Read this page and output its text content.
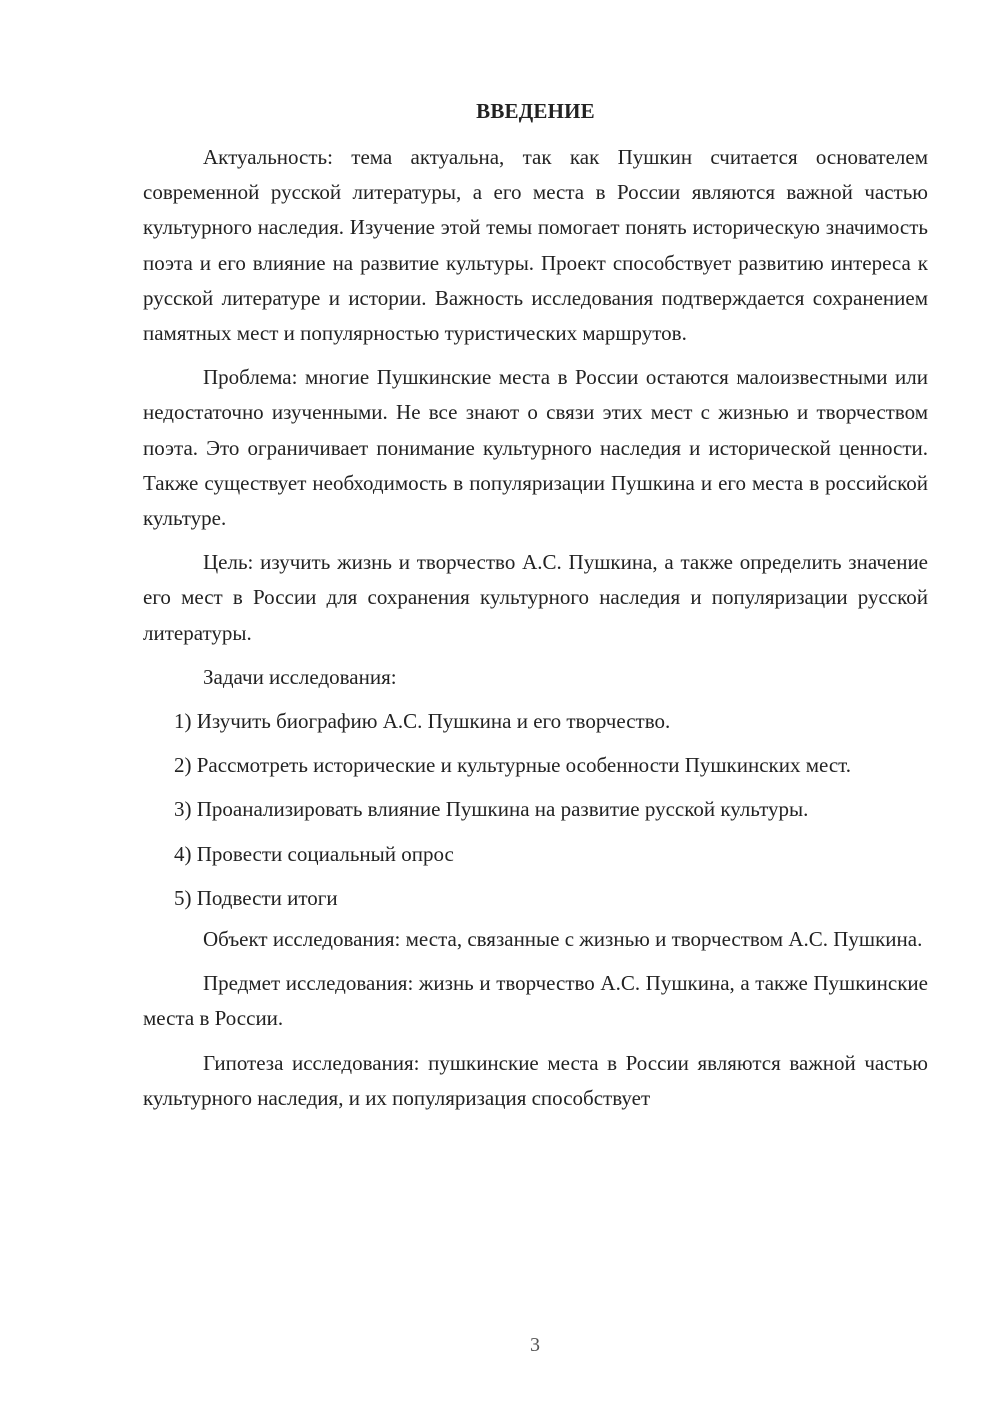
ВВЕДЕНИЕ

Актуальность: тема актуальна, так как Пушкин считается основателем современной русской литературы, а его места в России являются важной частью культурного наследия. Изучение этой темы помогает понять историческую значимость поэта и его влияние на развитие культуры. Проект способствует развитию интереса к русской литературе и истории. Важность исследования подтверждается сохранением памятных мест и популярностью туристических маршрутов.

Проблема: многие Пушкинские места в России остаются малоизвестными или недостаточно изученными. Не все знают о связи этих мест с жизнью и творчеством поэта. Это ограничивает понимание культурного наследия и исторической ценности. Также существует необходимость в популяризации Пушкина и его места в российской культуре.

Цель: изучить жизнь и творчество А.С. Пушкина, а также определить значение его мест в России для сохранения культурного наследия и популяризации русской литературы.

Задачи исследования:

1) Изучить биографию А.С. Пушкина и его творчество.

2) Рассмотреть исторические и культурные особенности Пушкинских мест.

3) Проанализировать влияние Пушкина на развитие русской культуры.

4) Провести социальный опрос

5) Подвести итоги

Объект исследования: места, связанные с жизнью и творчеством А.С. Пушкина.

Предмет исследования: жизнь и творчество А.С. Пушкина, а также Пушкинские места в России.

Гипотеза исследования: пушкинские места в России являются важной частью культурного наследия, и их популяризация способствует

3
